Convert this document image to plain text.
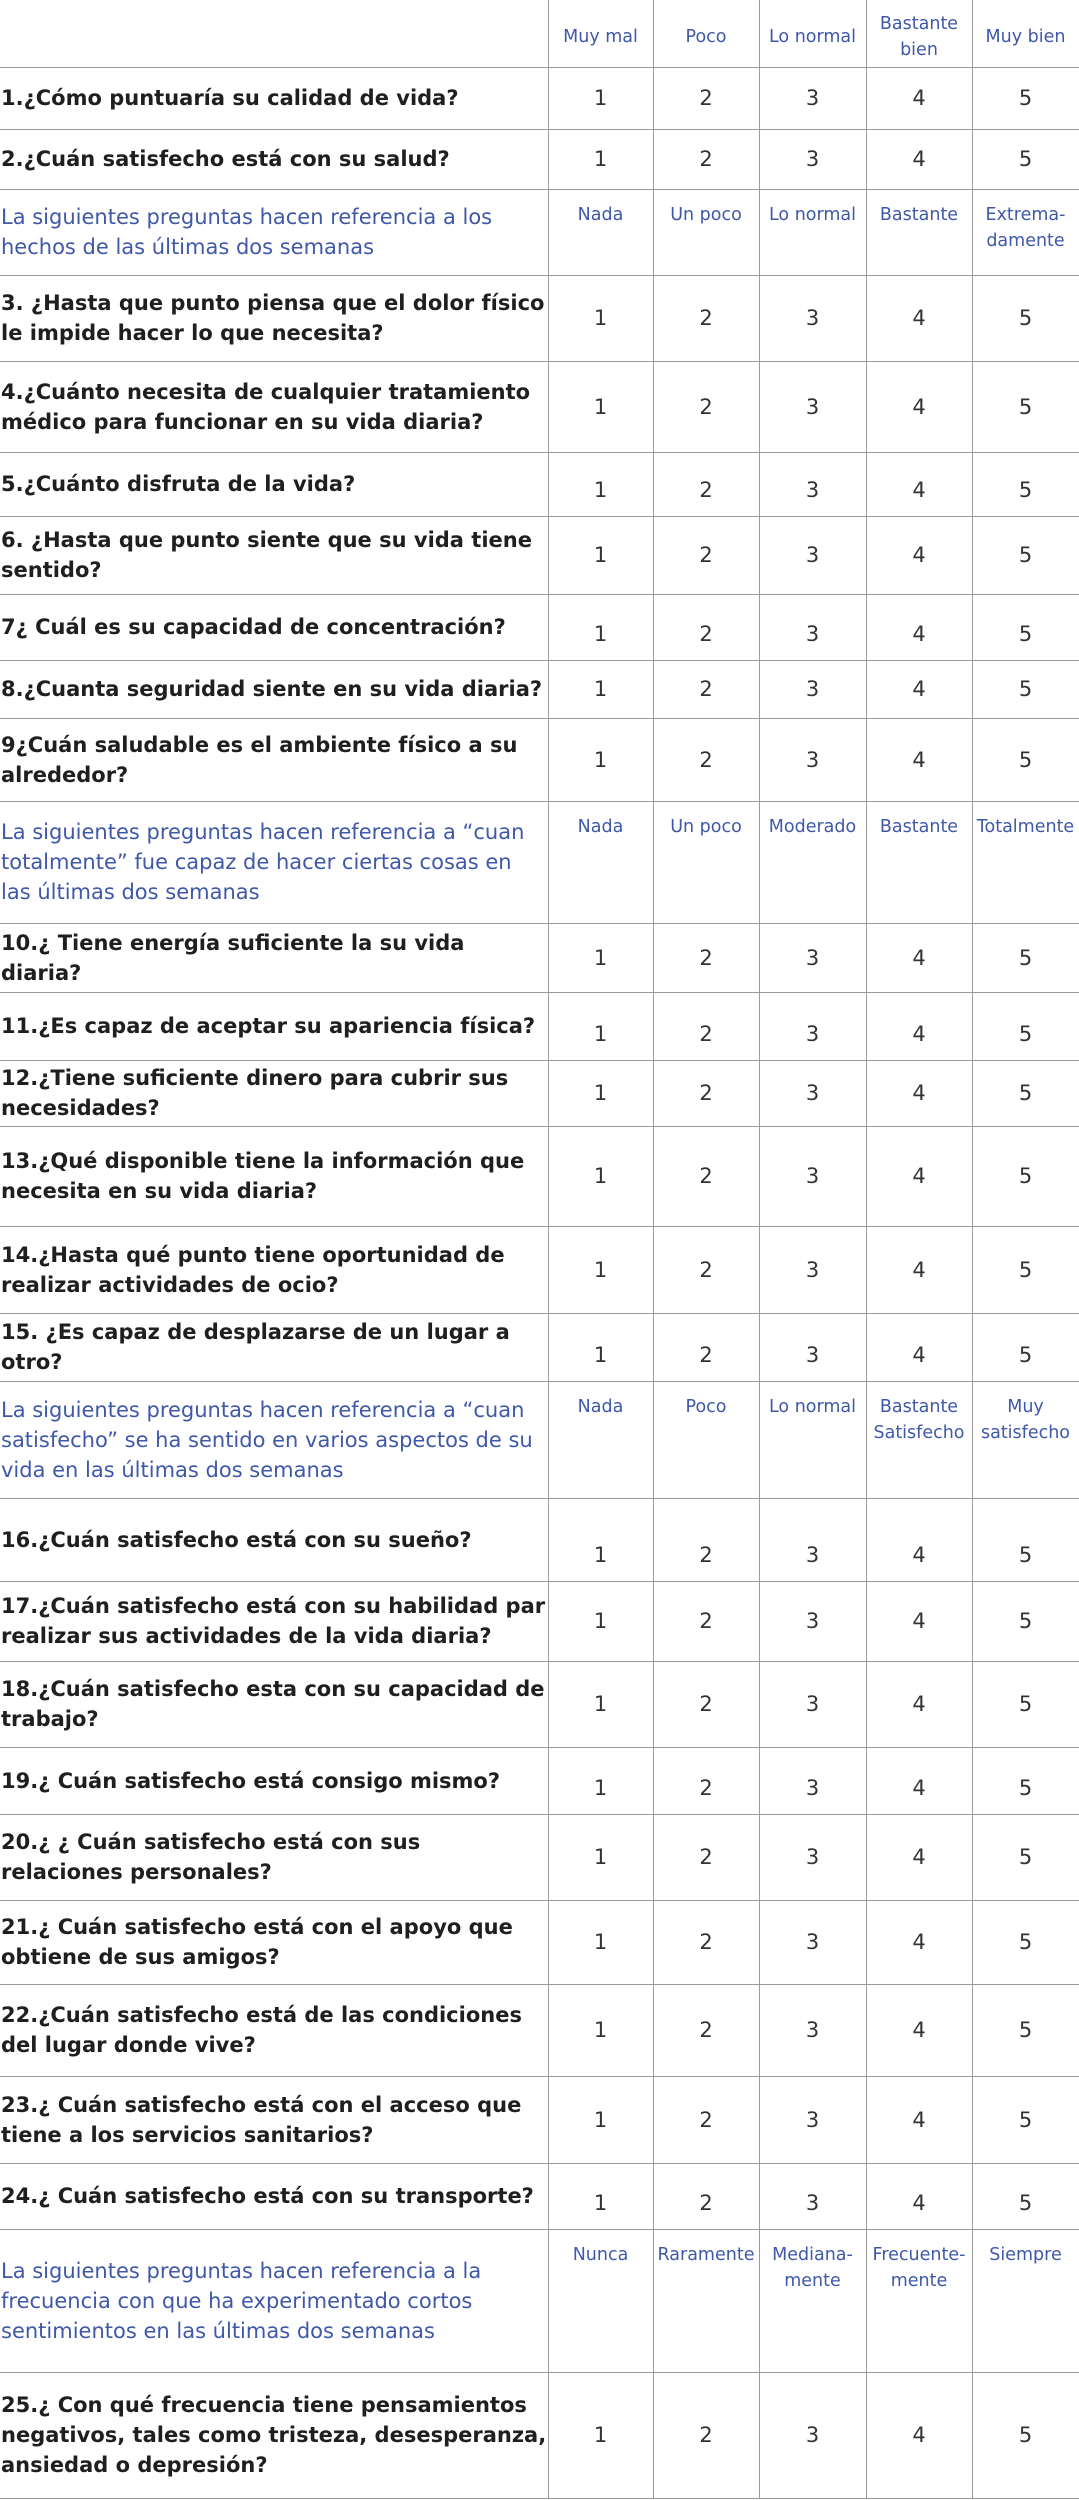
	Muy mal	Poco	Lo normal	Bastante bien	Muy bien
1.¿Cómo puntuaría su calidad de vida?	1	2	3	4	5
2.¿Cuán satisfecho está con su salud?	1	2	3	4	5
La siguientes preguntas hacen referencia a los hechos de las últimas dos semanas	Nada	Un poco	Lo normal	Bastante	Extrema-damente
3. ¿Hasta que punto piensa que el dolor físico le impide hacer lo que necesita?	1	2	3	4	5
4.¿Cuánto necesita de cualquier tratamiento médico para funcionar en su vida diaria?	1	2	3	4	5
5.¿Cuánto disfruta de la vida?	1	2	3	4	5
6. ¿Hasta que punto siente que su vida tiene sentido?	1	2	3	4	5
7¿ Cuál es su capacidad de concentración?	1	2	3	4	5
8.¿Cuanta seguridad siente en su vida diaria?	1	2	3	4	5
9¿Cuán saludable es el ambiente físico a su alrededor?	1	2	3	4	5
La siguientes preguntas hacen referencia a “cuan totalmente” fue capaz de hacer ciertas cosas en las últimas dos semanas	Nada	Un poco	Moderado	Bastante	Totalmente
10.¿ Tiene energía suficiente la su vida diaria?	1	2	3	4	5
11.¿Es capaz de aceptar su apariencia física?	1	2	3	4	5
12.¿Tiene suficiente dinero para cubrir sus necesidades?	1	2	3	4	5
13.¿Qué disponible tiene la información que necesita en su vida diaria?	1	2	3	4	5
14.¿Hasta qué punto tiene oportunidad de realizar actividades de ocio?	1	2	3	4	5
15. ¿Es capaz de desplazarse de un lugar a otro?	1	2	3	4	5
La siguientes preguntas hacen referencia a “cuan satisfecho” se ha sentido en varios aspectos de su vida en las últimas dos semanas	Nada	Poco	Lo normal	Bastante Satisfecho	Muy satisfecho
16.¿Cuán satisfecho está con su sueño?	1	2	3	4	5
17.¿Cuán satisfecho está con su habilidad par realizar sus actividades de la vida diaria?	1	2	3	4	5
18.¿Cuán satisfecho esta con su capacidad de trabajo?	1	2	3	4	5
19.¿ Cuán satisfecho está consigo mismo?	1	2	3	4	5
20.¿ ¿ Cuán satisfecho está con sus relaciones personales?	1	2	3	4	5
21.¿ Cuán satisfecho está con el apoyo que obtiene de sus amigos?	1	2	3	4	5
22.¿Cuán satisfecho está de las condiciones del lugar donde vive?	1	2	3	4	5
23.¿ Cuán satisfecho está con el acceso que tiene a los servicios sanitarios?	1	2	3	4	5
24.¿ Cuán satisfecho está con su transporte?	1	2	3	4	5
La siguientes preguntas hacen referencia a la frecuencia con que ha experimentado cortos sentimientos en las últimas dos semanas	Nunca	Raramente	Mediana-mente	Frecuente-mente	Siempre
25.¿ Con qué frecuencia tiene pensamientos negativos, tales como tristeza, desesperanza, ansiedad o depresión?	1	2	3	4	5
